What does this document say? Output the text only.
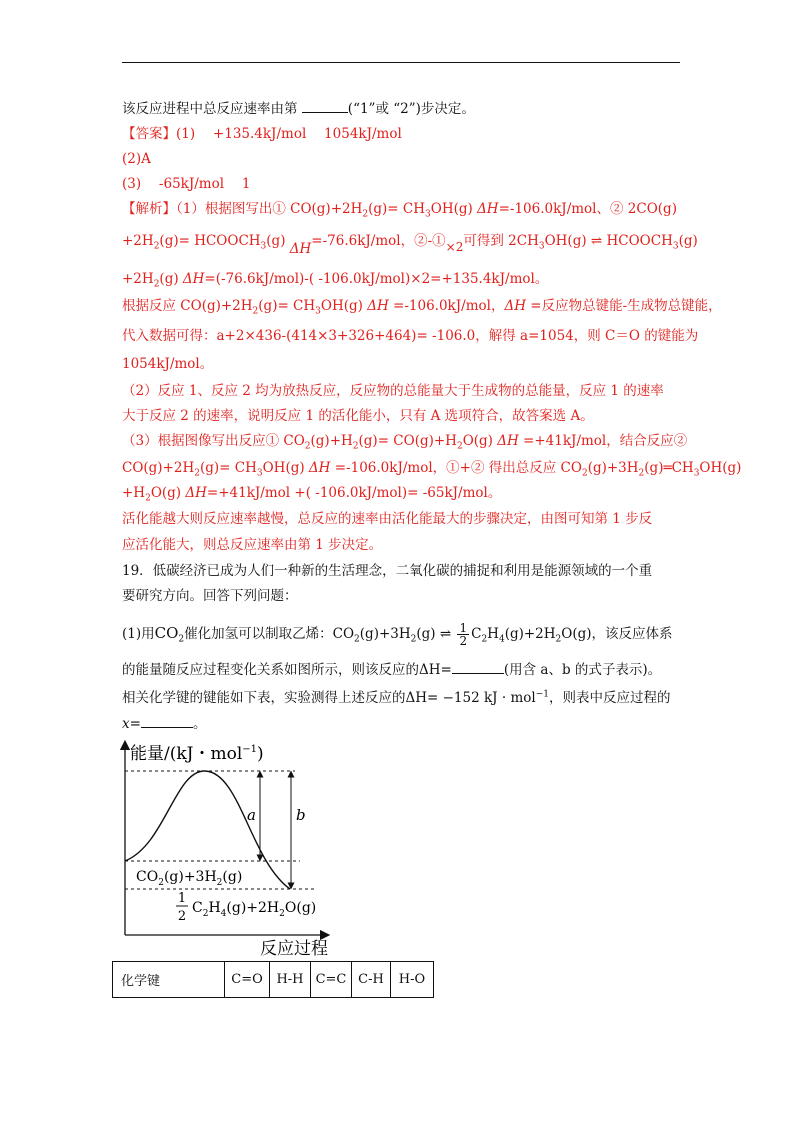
该反应进程中总反应速率由第	(“1”或 “2”)步决定。
【答案】(1)　 +135.4kJ/mol　 1054kJ/mol
(2)A
(3)　 -65kJ/mol　 1
【解析】（1）根据图写出① $CO(g)+2H_2(g)= CH_3OH(g)$ ΔH=-106.0kJ/mol、② 2CO(g)
$+2H_2(g)=$ $HCOOCH_3(g)$ ΔH=-76.6kJ/mol，②-①×2可得到 $2CH_3OH(g)$ ⇌ $HCOOCH_3(g)$
$+2H_2(g)$ ΔH=(-76.6kJ/mol)-( -106.0kJ/mol)×2=+135.4kJ/mol。
根据反应 $CO(g)+2H_2(g)= CH_3OH(g)$ ΔH =-106.0kJ/mol，ΔH =反应物总键能-生成物总键能，
代入数据可得：a+2×436-(414×3+326+464)= -106.0，解得 a=1054，则 C＝O 的键能为
1054kJ/mol。
（2）反应 1、反应 2 均为放热反应，反应物的总能量大于生成物的总能量，反应 1 的速率
大于反应 2 的速率，说明反应 1 的活化能小，只有 A 选项符合，故答案选 A。
（3）根据图像写出反应① $CO_2(g)+H_2(g)= CO(g)+H_2O(g)$ ΔH =+41kJ/mol，结合反应②
$CO(g)+2H_2(g)= CH_3OH(g)$ ΔH =-106.0kJ/mol，①+② 得出总反应 $CO_2(g)+3H_2(g)═CH_3OH(g)$
$+H_2O(g)$ ΔH=+41kJ/mol +( -106.0kJ/mol)= -65kJ/mol。
活化能越大则反应速率越慢，总反应的速率由活化能最大的步骤决定，由图可知第 1 步反
应活化能大，则总反应速率由第 1 步决定。
19．低碳经济已成为人们一种新的生活理念，二氧化碳的捕捉和利用是能源领域的一个重
要研究方向。回答下列问题：
(1)用$CO_2$催化加氢可以制取乙烯：$CO_2(g)+3H_2(g)$ ⇌ $\frac{1}{2} C_2H_4(g)+2H_2O(g)$，该反应体系
的能量随反应过程变化关系如图所示，则该反应的ΔH=	(用含 a、b 的式子表示)。
相关化学键的键能如下表，实验测得上述反应的ΔH= −152 kJ · mol$^{-1}$，则表中反应过程的
x=	。
a	b
能量/(kJ・mol$^{-1}$)
$CO_2(g)+3H_2(g)$
1
2
$C_2H_4(g)+2H_2O(g)$
反应过程
化学键	C=O	H-H	C=C	C-H	H-O
